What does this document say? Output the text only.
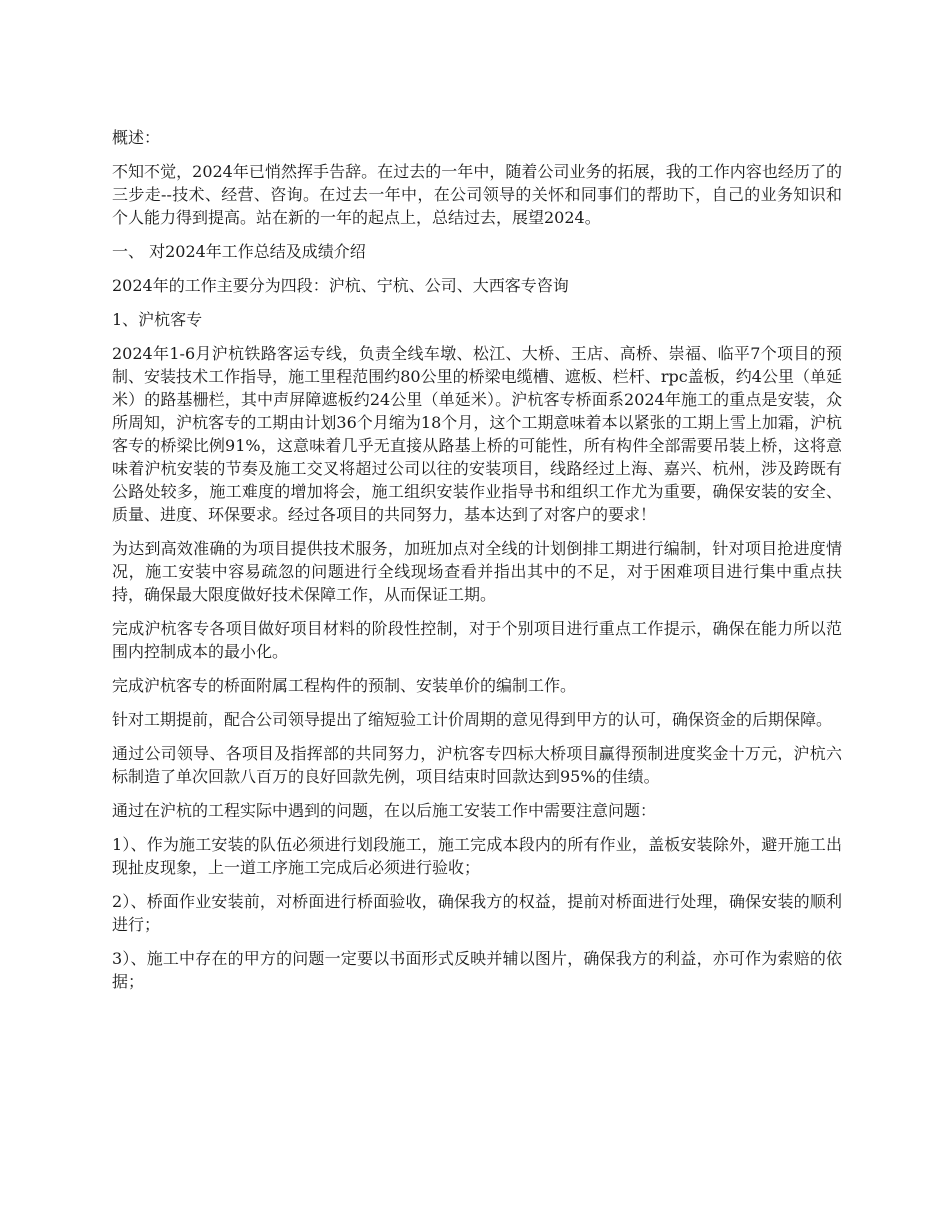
概述：

不知不觉，2024年已悄然挥手告辞。在过去的一年中，随着公司业务的拓展，我的工作内容也经历了的三步走--技术、经营、咨询。在过去一年中，在公司领导的关怀和同事们的帮助下，自己的业务知识和个人能力得到提高。站在新的一年的起点上，总结过去，展望2024。

一、 对2024年工作总结及成绩介绍

2024年的工作主要分为四段：沪杭、宁杭、公司、大西客专咨询

1、沪杭客专

2024年1-6月沪杭铁路客运专线，负责全线车墩、松江、大桥、王店、高桥、崇福、临平7个项目的预制、安装技术工作指导，施工里程范围约80公里的桥梁电缆槽、遮板、栏杆、rpc盖板，约4公里（单延米）的路基栅栏，其中声屏障遮板约24公里（单延米）。沪杭客专桥面系2024年施工的重点是安装，众所周知，沪杭客专的工期由计划36个月缩为18个月，这个工期意味着本以紧张的工期上雪上加霜，沪杭客专的桥梁比例91%，这意味着几乎无直接从路基上桥的可能性，所有构件全部需要吊装上桥，这将意味着沪杭安装的节奏及施工交叉将超过公司以往的安装项目，线路经过上海、嘉兴、杭州，涉及跨既有公路处较多，施工难度的增加将会，施工组织安装作业指导书和组织工作尤为重要，确保安装的安全、质量、进度、环保要求。经过各项目的共同努力，基本达到了对客户的要求！

为达到高效准确的为项目提供技术服务，加班加点对全线的计划倒排工期进行编制，针对项目抢进度情况，施工安装中容易疏忽的问题进行全线现场查看并指出其中的不足，对于困难项目进行集中重点扶持，确保最大限度做好技术保障工作，从而保证工期。

完成沪杭客专各项目做好项目材料的阶段性控制，对于个别项目进行重点工作提示，确保在能力所以范围内控制成本的最小化。

完成沪杭客专的桥面附属工程构件的预制、安装单价的编制工作。

针对工期提前，配合公司领导提出了缩短验工计价周期的意见得到甲方的认可，确保资金的后期保障。

通过公司领导、各项目及指挥部的共同努力，沪杭客专四标大桥项目赢得预制进度奖金十万元，沪杭六标制造了单次回款八百万的良好回款先例，项目结束时回款达到95%的佳绩。

通过在沪杭的工程实际中遇到的问题，在以后施工安装工作中需要注意问题：

1）、作为施工安装的队伍必须进行划段施工，施工完成本段内的所有作业，盖板安装除外，避开施工出现扯皮现象，上一道工序施工完成后必须进行验收；

2）、桥面作业安装前，对桥面进行桥面验收，确保我方的权益，提前对桥面进行处理，确保安装的顺利进行；

3）、施工中存在的甲方的问题一定要以书面形式反映并辅以图片，确保我方的利益，亦可作为索赔的依据；
